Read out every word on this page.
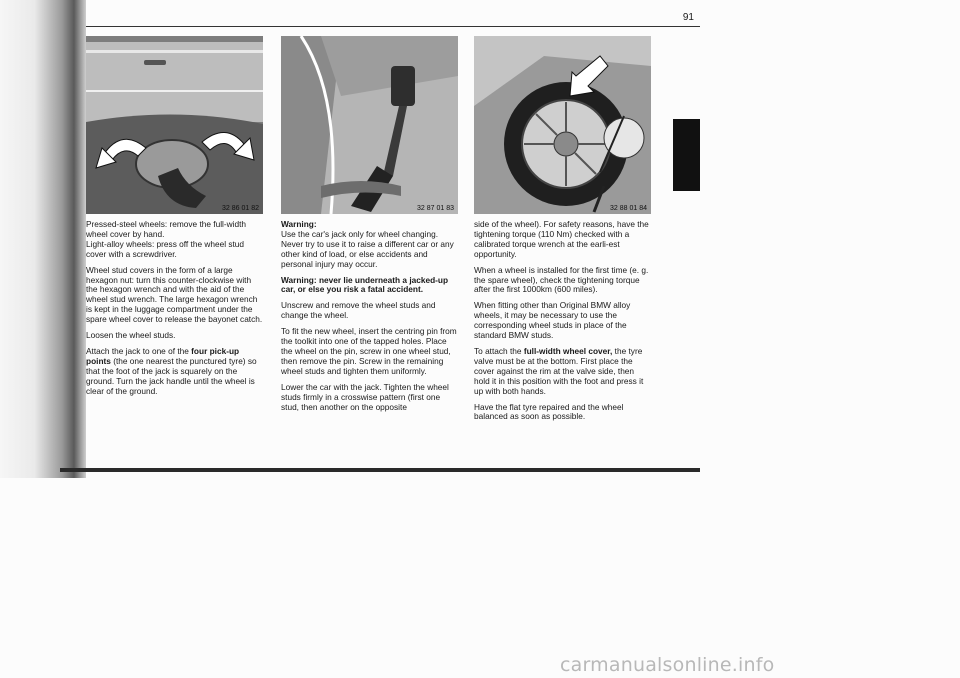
91
32 86 01 82	32 87 01 83	32 88 01 84

Pressed-steel wheels: remove the full-width wheel cover by hand.
Light-alloy wheels: press off the wheel stud cover with a screwdriver.

Wheel stud covers in the form of a large hexagon nut: turn this counter-clockwise with the hexagon wrench and with the aid of the wheel stud wrench. The large hexagon wrench is kept in the luggage compartment under the spare wheel cover to release the bayonet catch.

Loosen the wheel studs.

Attach the jack to one of the four pick-up points (the one nearest the punctured tyre) so that the foot of the jack is squarely on the ground. Turn the jack handle until the wheel is clear of the ground.

Warning:
Use the car's jack only for wheel changing. Never try to use it to raise a different car or any other kind of load, or else accidents and personal injury may occur.

Warning: never lie underneath a jacked-up car, or else you risk a fatal accident.

Unscrew and remove the wheel studs and change the wheel.

To fit the new wheel, insert the centring pin from the toolkit into one of the tapped holes. Place the wheel on the pin, screw in one wheel stud, then remove the pin. Screw in the remaining wheel studs and tighten them uniformly.

Lower the car with the jack. Tighten the wheel studs firmly in a crosswise pattern (first one stud, then another on the opposite

side of the wheel). For safety reasons, have the tightening torque (110 Nm) checked with a calibrated torque wrench at the earli-est opportunity.

When a wheel is installed for the first time (e. g. the spare wheel), check the tightening torque after the first 1000km (600 miles).

When fitting other than Original BMW alloy wheels, it may be necessary to use the corresponding wheel studs in place of the standard BMW studs.

To attach the full-width wheel cover, the tyre valve must be at the bottom. First place the cover against the rim at the valve side, then hold it in this position with the foot and press it up with both hands.

Have the flat tyre repaired and the wheel balanced as soon as possible.

carmanualsonline.info
